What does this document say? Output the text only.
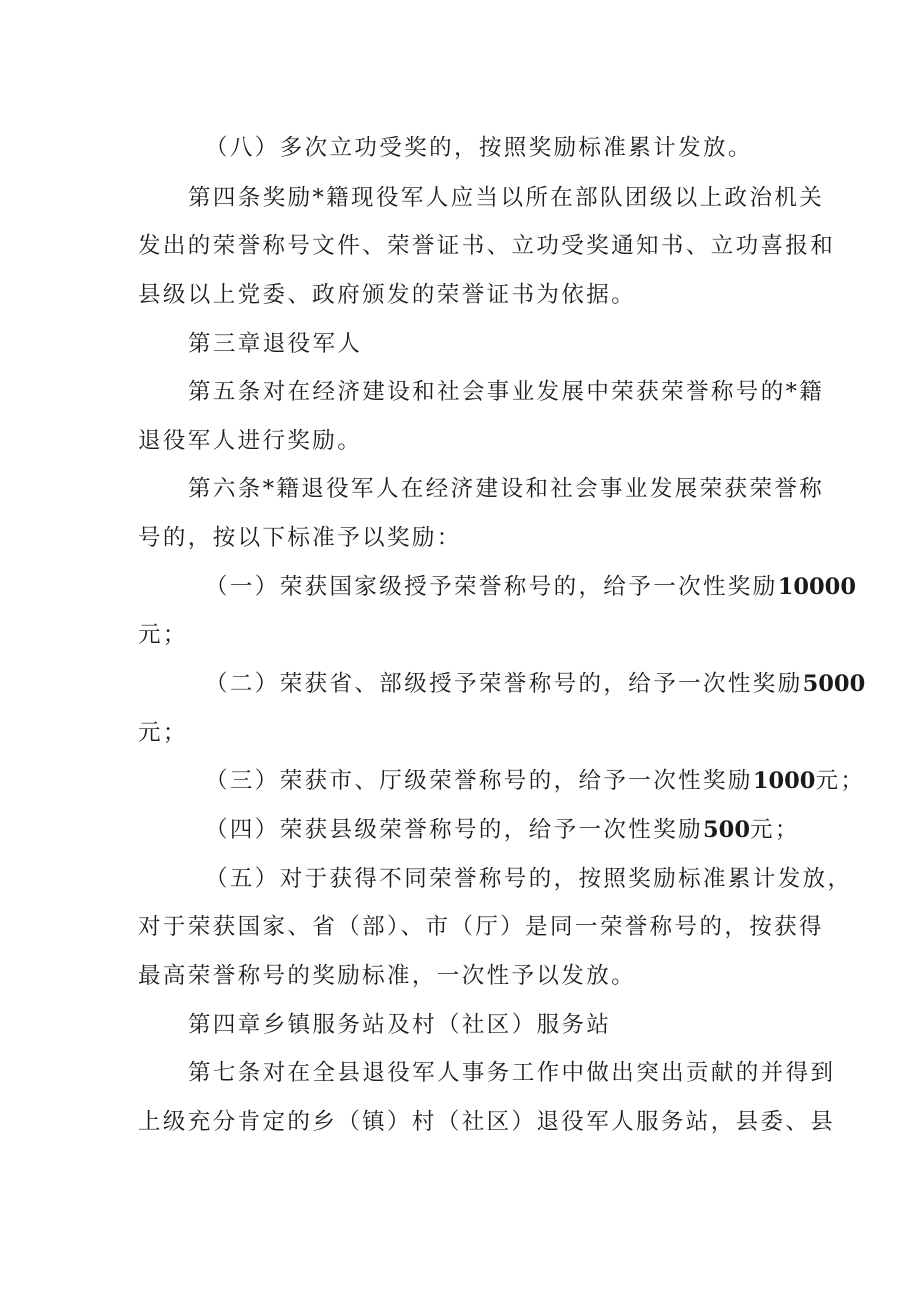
（八）多次立功受奖的，按照奖励标准累计发放。
第四条奖励*籍现役军人应当以所在部队团级以上政治机关
发出的荣誉称号文件、荣誉证书、立功受奖通知书、立功喜报和
县级以上党委、政府颁发的荣誉证书为依据。
第三章退役军人
第五条对在经济建设和社会事业发展中荣获荣誉称号的*籍
退役军人进行奖励。
第六条*籍退役军人在经济建设和社会事业发展荣获荣誉称
号的，按以下标准予以奖励：
（一）荣获国家级授予荣誉称号的，给予一次性奖励10000
元；
（二）荣获省、部级授予荣誉称号的，给予一次性奖励5000
元；
（三）荣获市、厅级荣誉称号的，给予一次性奖励1000元；
（四）荣获县级荣誉称号的，给予一次性奖励500元；
（五）对于获得不同荣誉称号的，按照奖励标准累计发放，
对于荣获国家、省（部）、市（厅）是同一荣誉称号的，按获得
最高荣誉称号的奖励标准，一次性予以发放。
第四章乡镇服务站及村（社区）服务站
第七条对在全县退役军人事务工作中做出突出贡献的并得到
上级充分肯定的乡（镇）村（社区）退役军人服务站，县委、县
